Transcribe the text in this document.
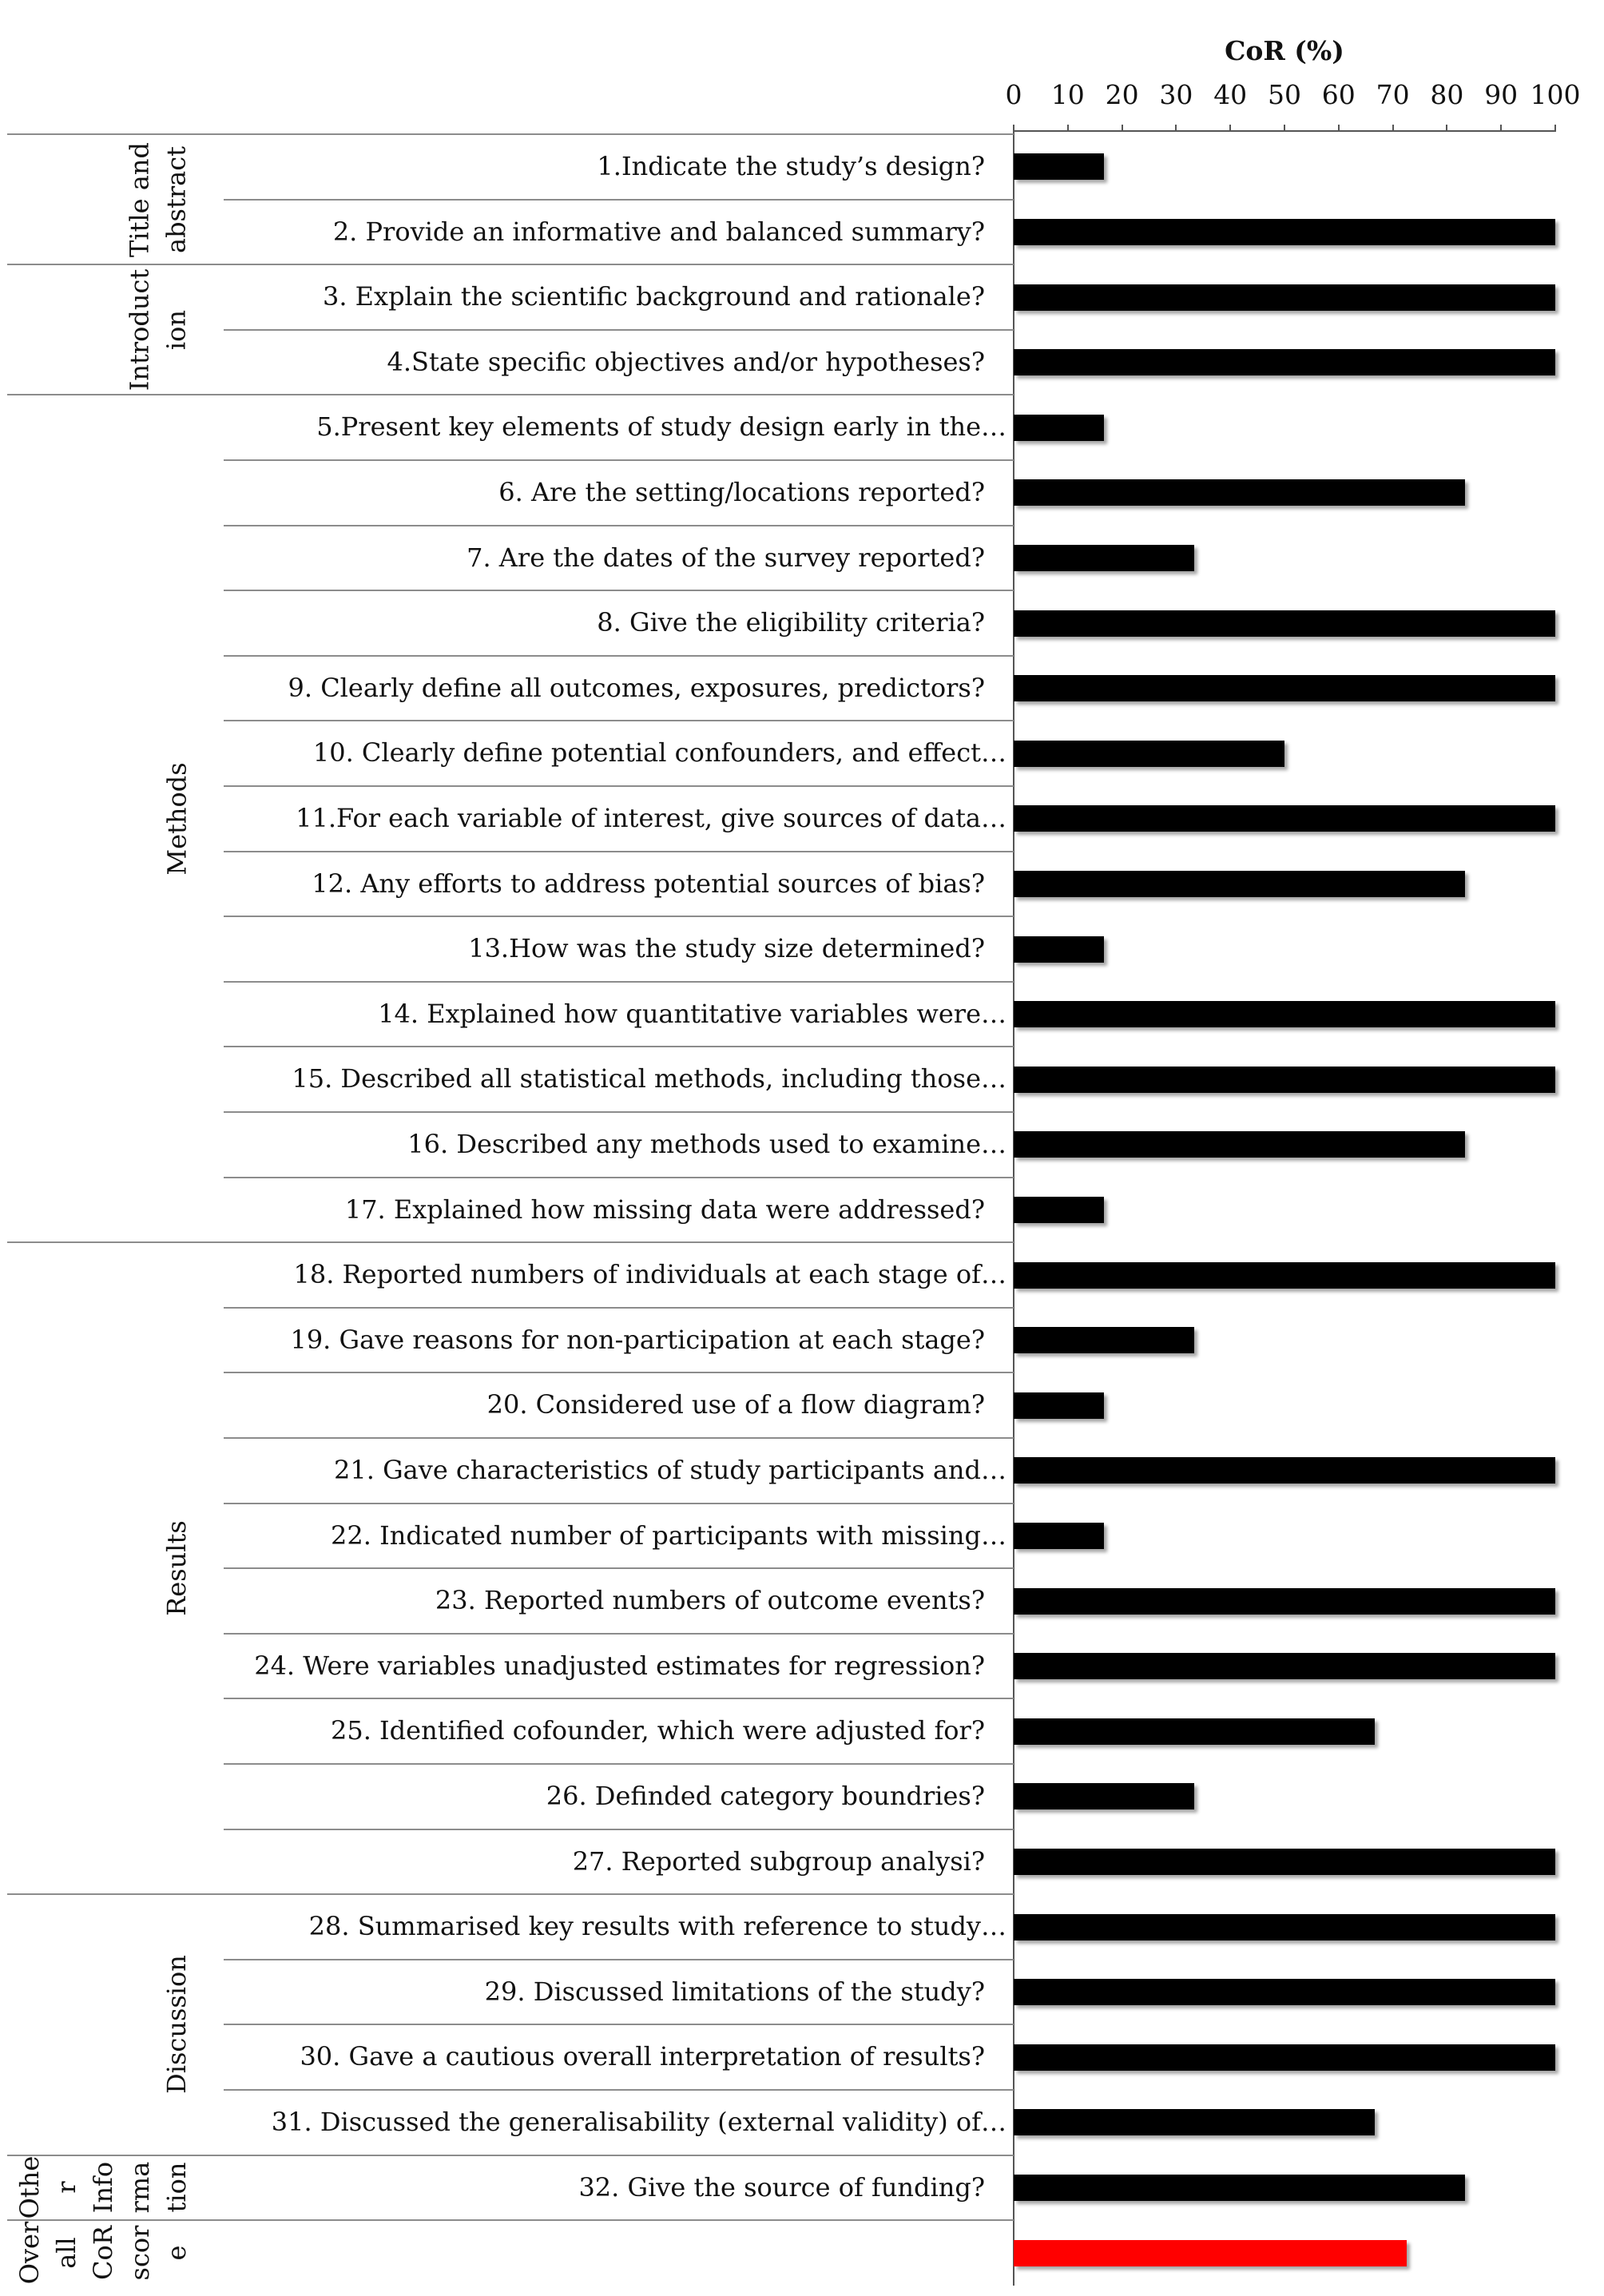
CoR (%)
0	10 20 30 40 50 60 70 80 90 100
1.Indicate the study’s design?
2. Provide an informative and balanced summary?
Title and abstract
3. Explain the scientific background and rationale?
4.State specific objectives and/or hypotheses?
Introduct ion
5.Present key elements of study design early in the…
6. Are the setting/locations reported?
7. Are the dates of the survey reported?
8. Give the eligibility criteria?
9. Clearly define all outcomes, exposures, predictors?
10. Clearly define potential confounders, and effect…
11.For each variable of interest, give sources of data…
12. Any efforts to address potential sources of bias?
13.How was the study size determined?
14. Explained how quantitative variables were…
15. Described all statistical methods, including those…
16. Described any methods used to examine…
17. Explained how missing data were addressed?
Methods
18. Reported numbers of individuals at each stage of…
19. Gave reasons for non-participation at each stage?
20. Considered use of a flow diagram?
21. Gave characteristics of study participants and…
22. Indicated number of participants with missing…
23. Reported numbers of outcome events?
24. Were variables unadjusted estimates for regression?
25. Identified cofounder, which were adjusted for?
26. Definded category boundries?
27. Reported subgroup analysi?
Results
28. Summarised key results with reference to study…
29. Discussed limitations of the study?
30. Gave a cautious overall interpretation of results?
31. Discussed the generalisability (external validity) of…
Discussion
32. Give the source of funding?
Othe r Info rma tion
Over all CoR scor e
